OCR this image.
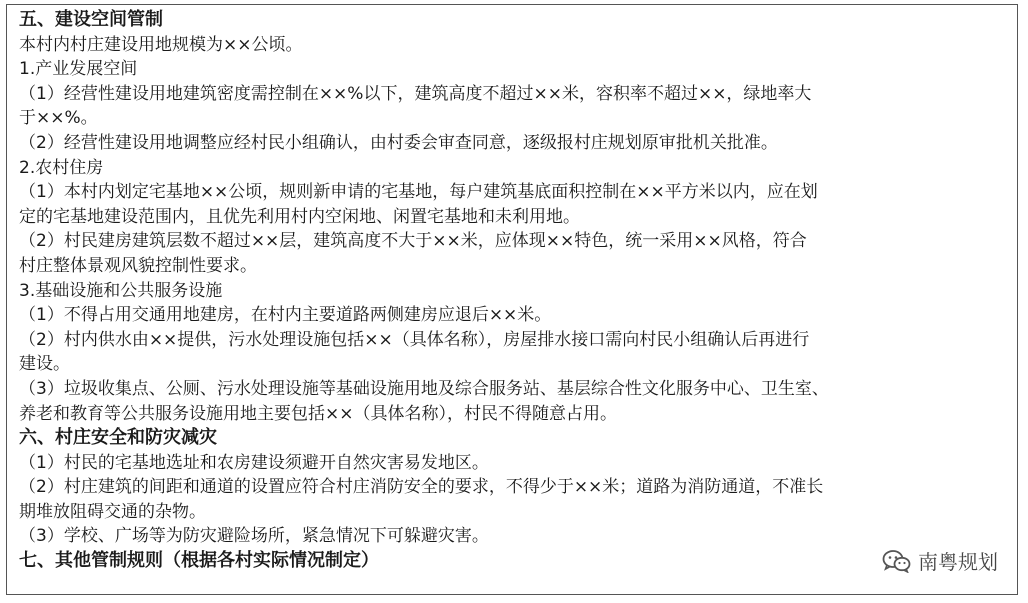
五、建设空间管制
本村内村庄建设用地规模为××公顷。
1.产业发展空间
（1）经营性建设用地建筑密度需控制在××%以下，建筑高度不超过××米，容积率不超过××，绿地率大
于××%。
（2）经营性建设用地调整应经村民小组确认，由村委会审查同意，逐级报村庄规划原审批机关批准。
2.农村住房
（1）本村内划定宅基地××公顷，规则新申请的宅基地，每户建筑基底面积控制在××平方米以内，应在划
定的宅基地建设范围内，且优先利用村内空闲地、闲置宅基地和未利用地。
（2）村民建房建筑层数不超过××层，建筑高度不大于××米，应体现××特色，统一采用××风格，符合
村庄整体景观风貌控制性要求。
3.基础设施和公共服务设施
（1）不得占用交通用地建房，在村内主要道路两侧建房应退后××米。
（2）村内供水由××提供，污水处理设施包括××（具体名称），房屋排水接口需向村民小组确认后再进行
建设。
（3）垃圾收集点、公厕、污水处理设施等基础设施用地及综合服务站、基层综合性文化服务中心、卫生室、
养老和教育等公共服务设施用地主要包括××（具体名称），村民不得随意占用。
六、村庄安全和防灾减灾
（1）村民的宅基地选址和农房建设须避开自然灾害易发地区。
（2）村庄建筑的间距和通道的设置应符合村庄消防安全的要求，不得少于××米；道路为消防通道，不准长
期堆放阻碍交通的杂物。
（3）学校、广场等为防灾避险场所，紧急情况下可躲避灾害。
七、其他管制规则（根据各村实际情况制定）	南粤规划
